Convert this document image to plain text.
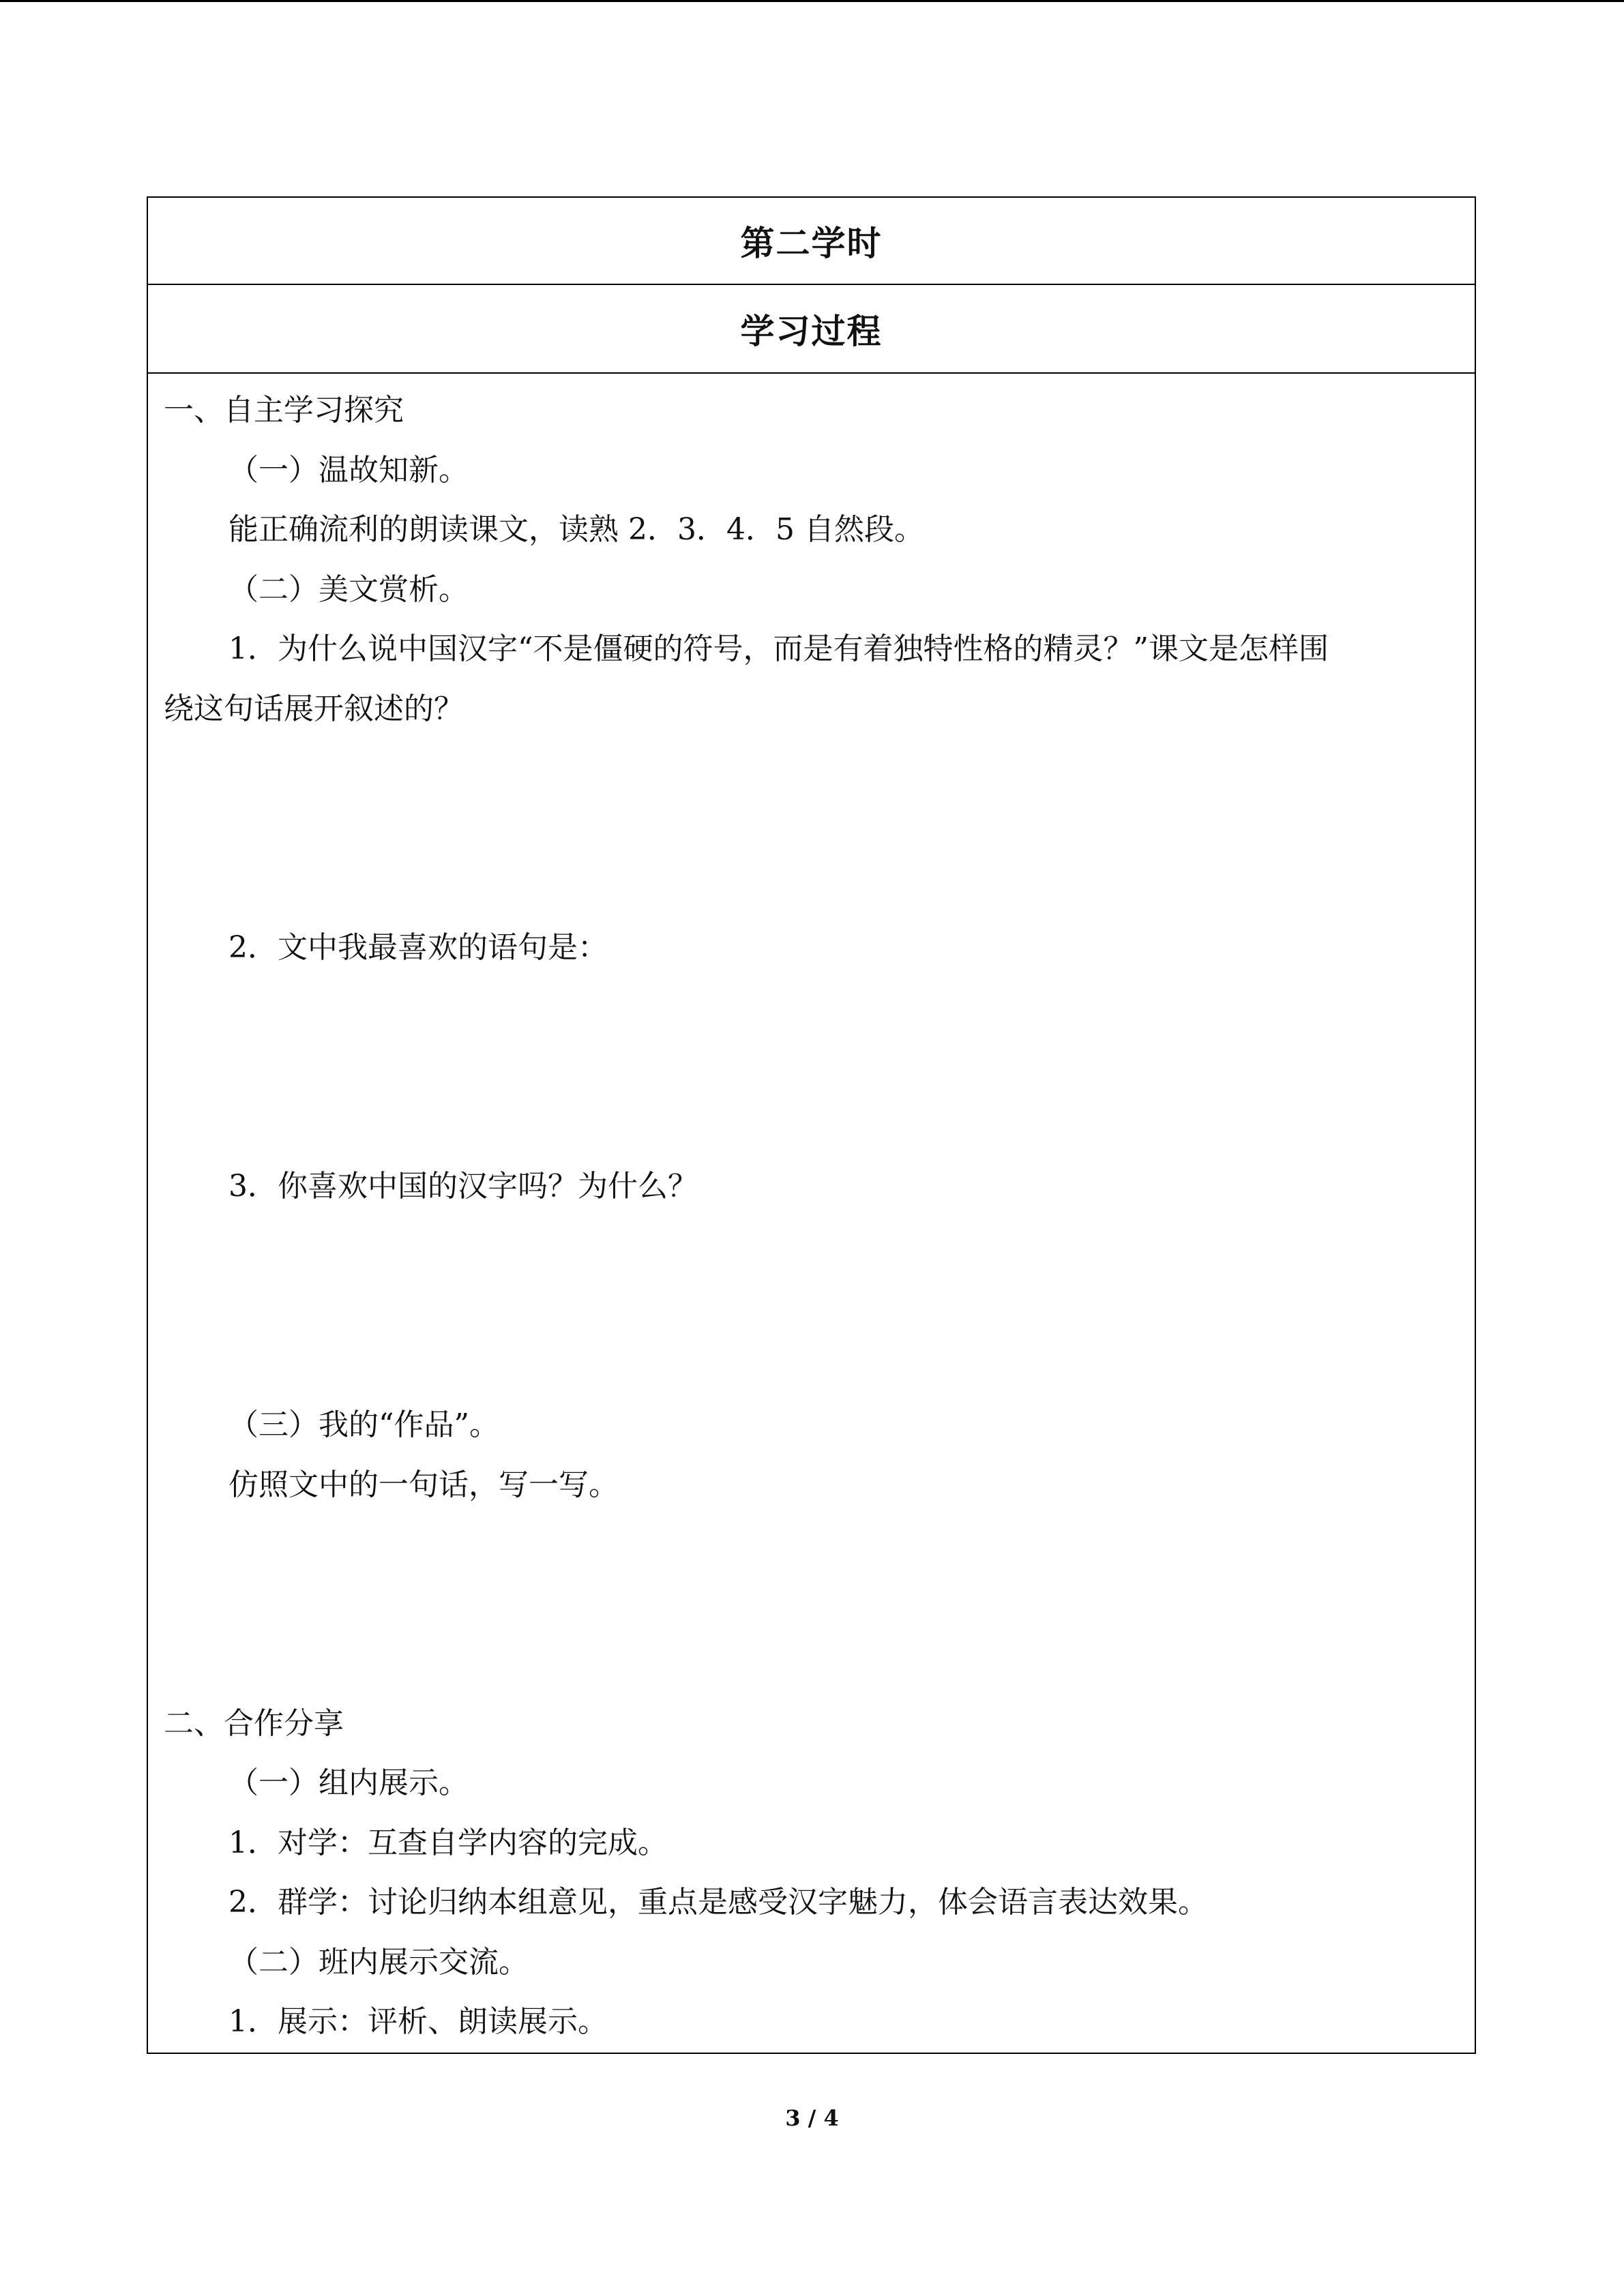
第二学时
学习过程
一、自主学习探究
（一）温故知新。
能正确流利的朗读课文，读熟 2．3．4．5 自然段。
（二）美文赏析。
1．为什么说中国汉字“不是僵硬的符号，而是有着独特性格的精灵？”课文是怎样围
绕这句话展开叙述的？
2．文中我最喜欢的语句是：
3．你喜欢中国的汉字吗？为什么？
（三）我的“作品”。
仿照文中的一句话，写一写。
二、合作分享
（一）组内展示。
1．对学：互查自学内容的完成。
2．群学：讨论归纳本组意见，重点是感受汉字魅力，体会语言表达效果。
（二）班内展示交流。
1．展示：评析、朗读展示。
3 / 4
